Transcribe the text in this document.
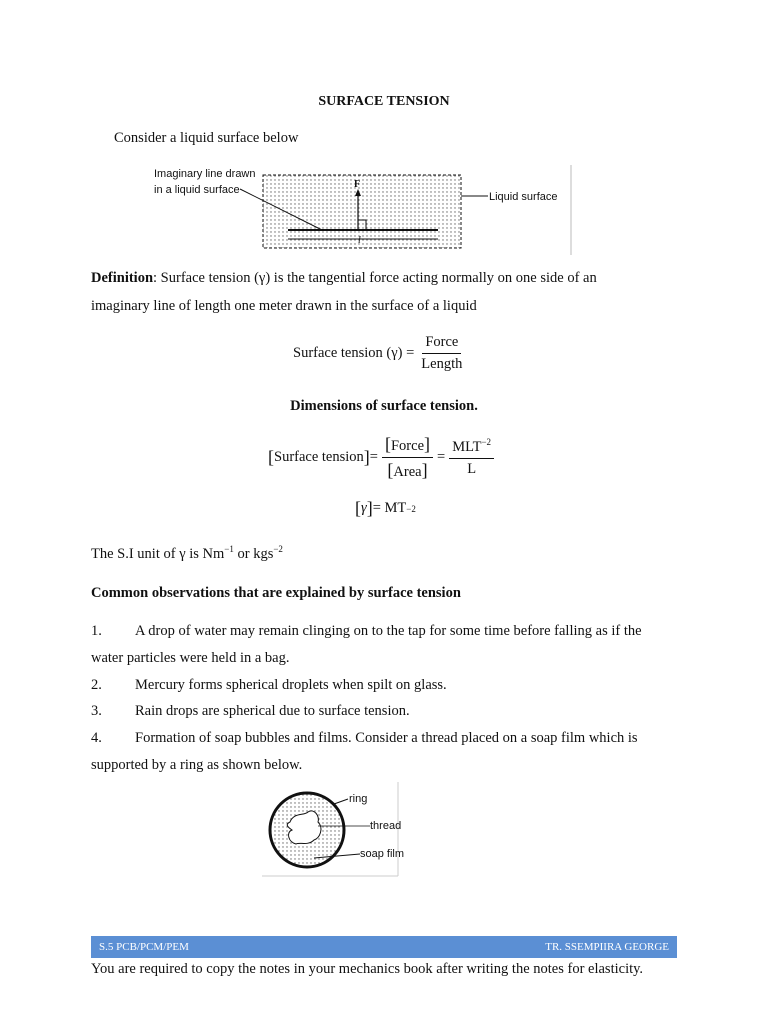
SURFACE TENSION
Consider a liquid surface below
l
F
Imaginary line drawn
in a liquid surface
Liquid surface
Definition: Surface tension (γ) is the tangential force acting normally on one side of an
imaginary line of length one meter drawn in the surface of a liquid
Surface tension $(\gamma) = \frac{\text{Force}}{\text{Length}}$
Dimensions of surface tension.
[ Surface tension ] = $\frac{\text{[Force]}}{\text{[Area]}} = \frac{MLT^{-2}}{L}$
[ γ ] = MT −2
The S.I unit of γ is $Nm^{-1}$ or kgs$^{-2}$
Common observations that are explained by surface tension
1. A drop of water may remain clinging on to the tap for some time before falling as if the
water particles were held in a bag.
2. Mercury forms spherical droplets when spilt on glass.
3. Rain drops are spherical due to surface tension.
4. Formation of soap bubbles and films. Consider a thread placed on a soap film which is
supported by a ring as shown below.
ring
thread
soap film
S.5 PCB/PCM/PEM	TR. SSEMPIIRA GEORGE
You are required to copy the notes in your mechanics book after writing the notes for elasticity.
